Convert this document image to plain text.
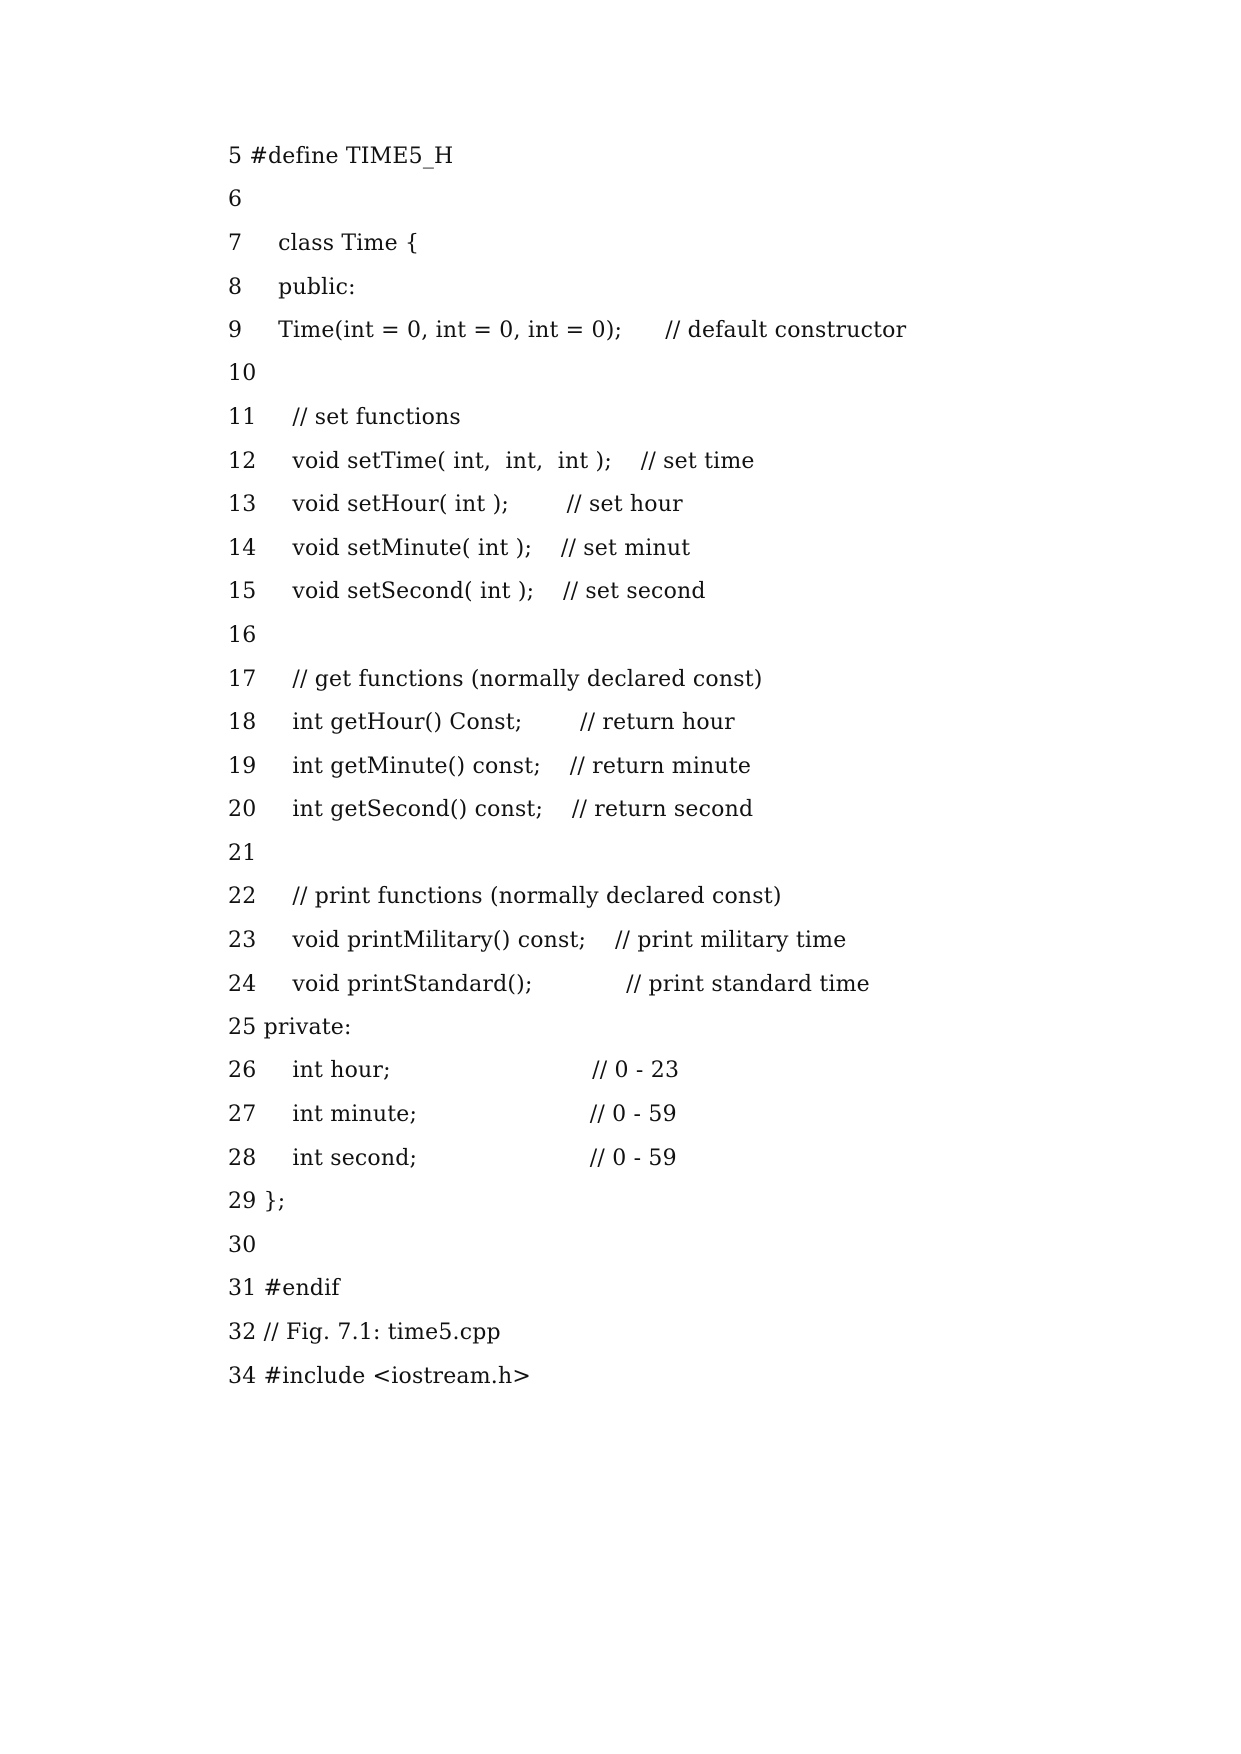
5 #define TIME5_H
6
7     class Time {
8     public:
9     Time(int = 0, int = 0, int = 0);      // default constructor
10
11     // set functions
12     void setTime( int,  int,  int );    // set time
13     void setHour( int );        // set hour
14     void setMinute( int );    // set minut
15     void setSecond( int );    // set second
16
17     // get functions (normally declared const)
18     int getHour() Const;        // return hour
19     int getMinute() const;    // return minute
20     int getSecond() const;    // return second
21
22     // print functions (normally declared const)
23     void printMilitary() const;    // print military time
24     void printStandard();             // print standard time
25 private:
26     int hour;                            // 0 - 23
27     int minute;                        // 0 - 59
28     int second;                        // 0 - 59
29 };
30
31 #endif
32 // Fig. 7.1: time5.cpp
34 #include <iostream.h>
